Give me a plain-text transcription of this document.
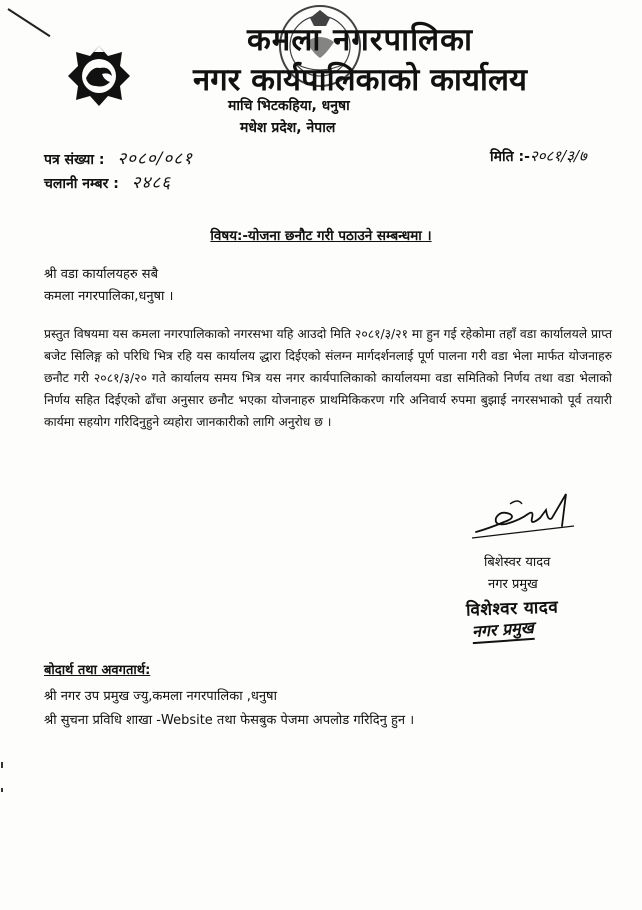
कमला नगरपालिका
नगर कार्यपालिकाको कार्यालय
माचि भिटकहिया, धनुषा
मधेश प्रदेश, नेपाल
पत्र संख्या : २०८०/०८१
चलानी नम्बर : २४८६
मिति :-२०८१/३/७
विषय:-योजना छनौट गरी पठाउने सम्बन्धमा ।
श्री वडा कार्यालयहरु सबै
कमला नगरपालिका,धनुषा ।
प्रस्तुत विषयमा यस कमला नगरपालिकाको नगरसभा यहि आउदो मिति २०८१/३/२१ मा हुन गई रहेकोमा तहाँ वडा कार्यालयले प्राप्त बजेट सिलिङ्ग को परिधि भित्र रहि यस कार्यालय द्धारा दिईएको संलग्न मार्गदर्शनलाई पूर्ण पालना गरी वडा भेला मार्फत योजनाहरु छनौट गरी २०८१/३/२० गते कार्यालय समय भित्र यस नगर कार्यपालिकाको कार्यालयमा वडा समितिको निर्णय तथा वडा भेलाको निर्णय सहित दिईएको ढाँचा अनुसार छनौट भएका योजनाहरु प्राथमिकिकरण गरि अनिवार्य रुपमा बुझाई नगरसभाको पूर्व तयारी कार्यमा सहयोग गरिदिनुहुने व्यहोरा जानकारीको लागि अनुरोध छ ।
बिशेस्वर यादव
नगर प्रमुख
विशेश्वर यादव
नगर प्रमुख
बोदार्थ तथा अवगतार्थ:
श्री नगर उप प्रमुख ज्यु,कमला नगरपालिका ,धनुषा
श्री सुचना प्रविधि शाखा -Website तथा फेसबुक पेजमा अपलोड गरिदिनु हुन ।
